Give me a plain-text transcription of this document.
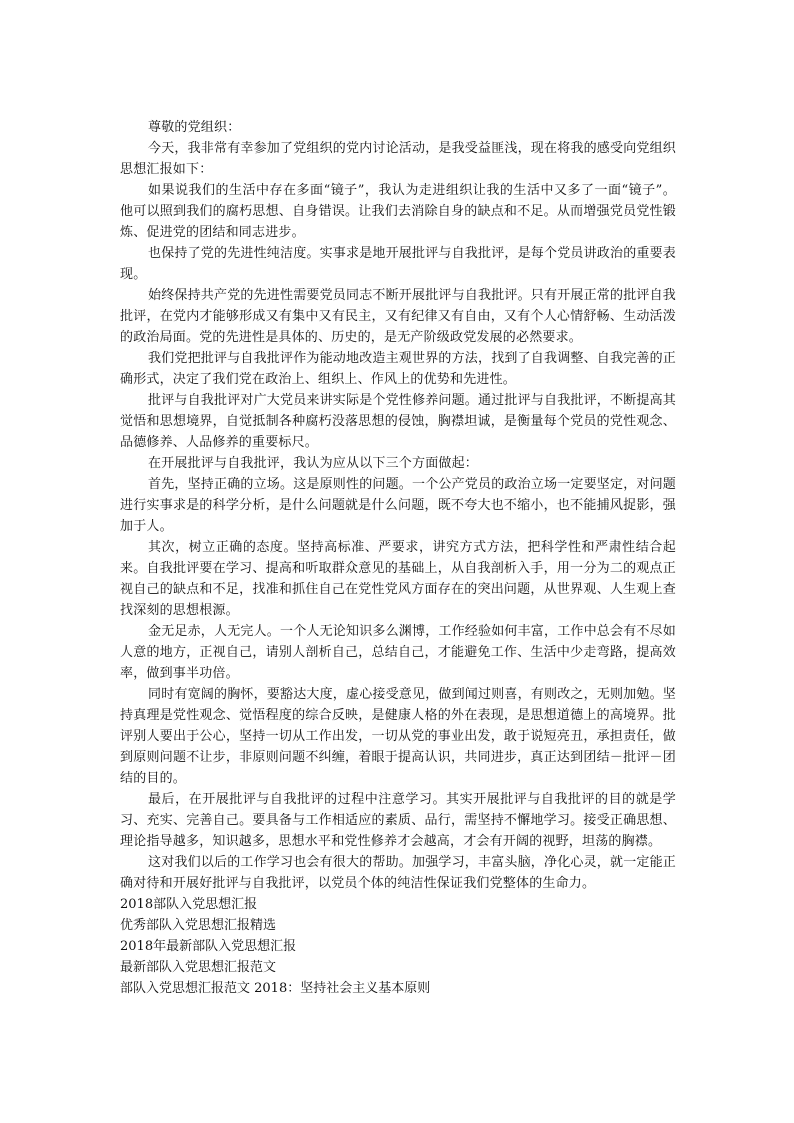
尊敬的党组织：

今天，我非常有幸参加了党组织的党内讨论活动，是我受益匪浅，现在将我的感受向党组织思想汇报如下：

如果说我们的生活中存在多面“镜子”，我认为走进组织让我的生活中又多了一面“镜子”。他可以照到我们的腐朽思想、自身错误。让我们去消除自身的缺点和不足。从而增强党员党性锻炼、促进党的团结和同志进步。

也保持了党的先进性纯洁度。实事求是地开展批评与自我批评，是每个党员讲政治的重要表现。

始终保持共产党的先进性需要党员同志不断开展批评与自我批评。只有开展正常的批评自我批评，在党内才能够形成又有集中又有民主，又有纪律又有自由，又有个人心情舒畅、生动活泼的政治局面。党的先进性是具体的、历史的，是无产阶级政党发展的必然要求。

我们党把批评与自我批评作为能动地改造主观世界的方法，找到了自我调整、自我完善的正确形式，决定了我们党在政治上、组织上、作风上的优势和先进性。

批评与自我批评对广大党员来讲实际是个党性修养问题。通过批评与自我批评，不断提高其觉悟和思想境界，自觉抵制各种腐朽没落思想的侵蚀，胸襟坦诚，是衡量每个党员的党性观念、品德修养、人品修养的重要标尺。

在开展批评与自我批评，我认为应从以下三个方面做起：

首先，坚持正确的立场。这是原则性的问题。一个公产党员的政治立场一定要坚定，对问题进行实事求是的科学分析，是什么问题就是什么问题，既不夸大也不缩小，也不能捕风捉影，强加于人。

其次，树立正确的态度。坚持高标准、严要求，讲究方式方法，把科学性和严肃性结合起来。自我批评要在学习、提高和听取群众意见的基础上，从自我剖析入手，用一分为二的观点正视自己的缺点和不足，找准和抓住自己在党性党风方面存在的突出问题，从世界观、人生观上查找深刻的思想根源。

金无足赤，人无完人。一个人无论知识多么渊博，工作经验如何丰富，工作中总会有不尽如人意的地方，正视自己，请别人剖析自己，总结自己，才能避免工作、生活中少走弯路，提高效率，做到事半功倍。

同时有宽阔的胸怀，要豁达大度，虚心接受意见，做到闻过则喜，有则改之，无则加勉。坚持真理是党性观念、觉悟程度的综合反映，是健康人格的外在表现，是思想道德上的高境界。批评别人要出于公心，坚持一切从工作出发，一切从党的事业出发，敢于说短亮丑，承担责任，做到原则问题不让步，非原则问题不纠缠，着眼于提高认识，共同进步，真正达到团结－批评－团结的目的。

最后，在开展批评与自我批评的过程中注意学习。其实开展批评与自我批评的目的就是学习、充实、完善自己。要具备与工作相适应的素质、品行，需坚持不懈地学习。接受正确思想、理论指导越多，知识越多，思想水平和党性修养才会越高，才会有开阔的视野，坦荡的胸襟。

这对我们以后的工作学习也会有很大的帮助。加强学习，丰富头脑，净化心灵，就一定能正确对待和开展好批评与自我批评，以党员个体的纯洁性保证我们党整体的生命力。

2018部队入党思想汇报
优秀部队入党思想汇报精选
2018年最新部队入党思想汇报
最新部队入党思想汇报范文
部队入党思想汇报范文 2018：坚持社会主义基本原则
